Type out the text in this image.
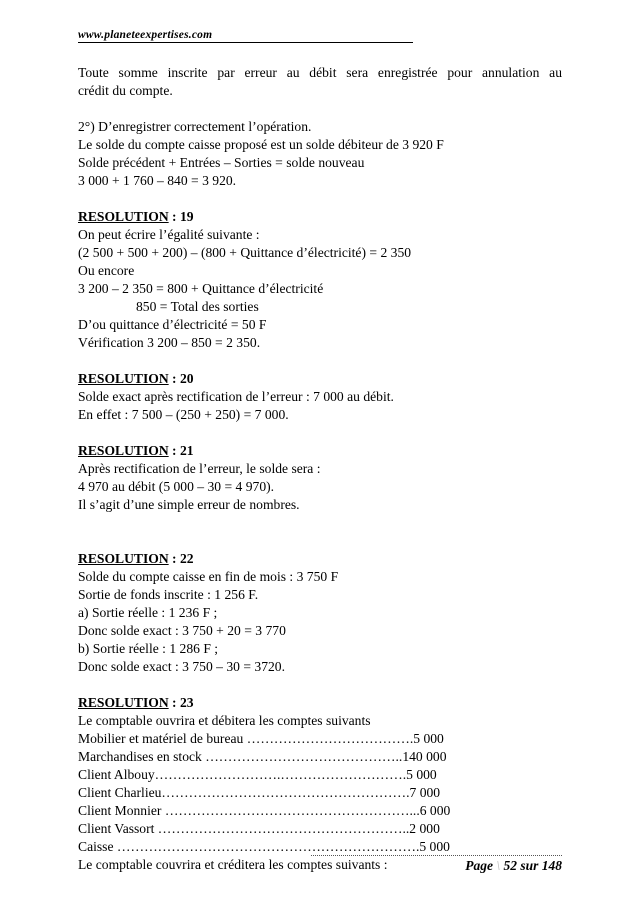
www.planeteexpertises.com
Toute somme inscrite par erreur au débit sera enregistrée pour annulation au
crédit du compte.
2°) D’enregistrer correctement l’opération.
Le solde du compte caisse proposé est un solde débiteur de 3 920 F
Solde précédent + Entrées – Sorties = solde nouveau
3 000 + 1 760 – 840 = 3 920.
RESOLUTION : 19
On peut écrire l’égalité suivante :
(2 500 + 500 + 200) – (800 + Quittance d’électricité) = 2 350
Ou encore
3 200 – 2 350 = 800 + Quittance d’électricité
850 = Total des sorties
D’ou quittance d’électricité = 50 F
Vérification 3 200 – 850 = 2 350.
RESOLUTION : 20
Solde exact après rectification de l’erreur : 7 000 au débit.
En effet : 7 500 – (250 + 250) = 7 000.
RESOLUTION : 21
Après rectification de l’erreur, le solde sera :
4 970 au débit (5 000 – 30 = 4 970).
Il s’agit d’une simple erreur de nombres.
RESOLUTION : 22
Solde du compte caisse en fin de mois : 3 750 F
Sortie de fonds inscrite : 1 256 F.
a) Sortie réelle : 1 236 F ;
Donc solde exact : 3 750 + 20 = 3 770
b) Sortie réelle : 1 286 F ;
Donc solde exact : 3 750 – 30 = 3720.
RESOLUTION : 23
Le comptable ouvrira et débitera les comptes suivants
Mobilier et matériel de bureau ……………………………….5 000
Marchandises en stock ……………………………………..140 000
Client Albouy……………………….……………………….5 000
Client Charlieu……………………………………………….7 000
Client Monnier ………………………………………………...6 000
Client Vassort ………………………………………………..2 000
Caisse ………………………………………………………….5 000
Le comptable couvrira et créditera les comptes suivants :	Page \ 52 sur 148
